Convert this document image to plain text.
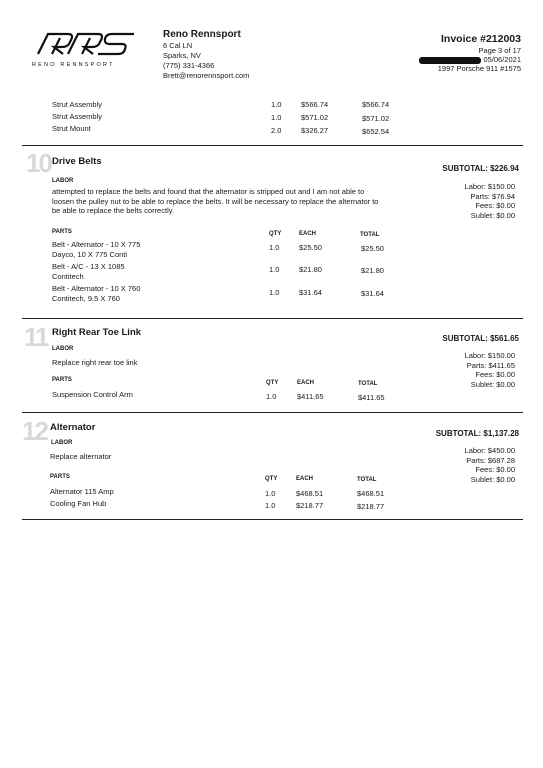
RENO RENNSPORT
Reno Rennsport
6 Cal LN
Sparks, NV
(775) 331-4366
Brett@renorennsport.com
Invoice #212003
Page 3 of 17
05/06/2021
1997 Porsche 911 #1575
Strut Assembly	1.0	$566.74	$566.74
Strut Assembly	1.0	$571.02	$571.02
Strut Mount	2.0	$326.27	$652.54
10 Drive Belts
SUBTOTAL: $226.94
LABOR
attempted to replace the belts and found that the alternator is stripped out and I am not able to
loosen the pulley nut to be able to replace the belts. It will be necessary to replace the alternator to
be able to replace the belts correctly.
Labor: $150.00
Parts: $76.94
Fees: $0.00
Sublet: $0.00
PARTS	QTY	EACH	TOTAL
Belt - Alternator - 10 X 775
Dayco, 10 X 775 Conti
1.0	$25.50	$25.50
Belt - A/C - 13 X 1085
Contitech
1.0	$21.80	$21.80
Belt - Alternator - 10 X 760
Contitech, 9.5 X 760
1.0	$31.64	$31.64
11 Right Rear Toe Link
SUBTOTAL: $561.65
LABOR
Replace right rear toe link
Labor: $150.00
Parts: $411.65
Fees: $0.00
Sublet: $0.00
PARTS	QTY	EACH	TOTAL
Suspension Control Arm	1.0	$411.65	$411.65
12 Alternator
SUBTOTAL: $1,137.28
LABOR
Replace alternator
Labor: $450.00
Parts: $687.28
Fees: $0.00
Sublet: $0.00
PARTS	QTY	EACH	TOTAL
Alternator 115 Amp	1.0	$468.51	$468.51
Cooling Fan Hub	1.0	$218.77	$218.77
